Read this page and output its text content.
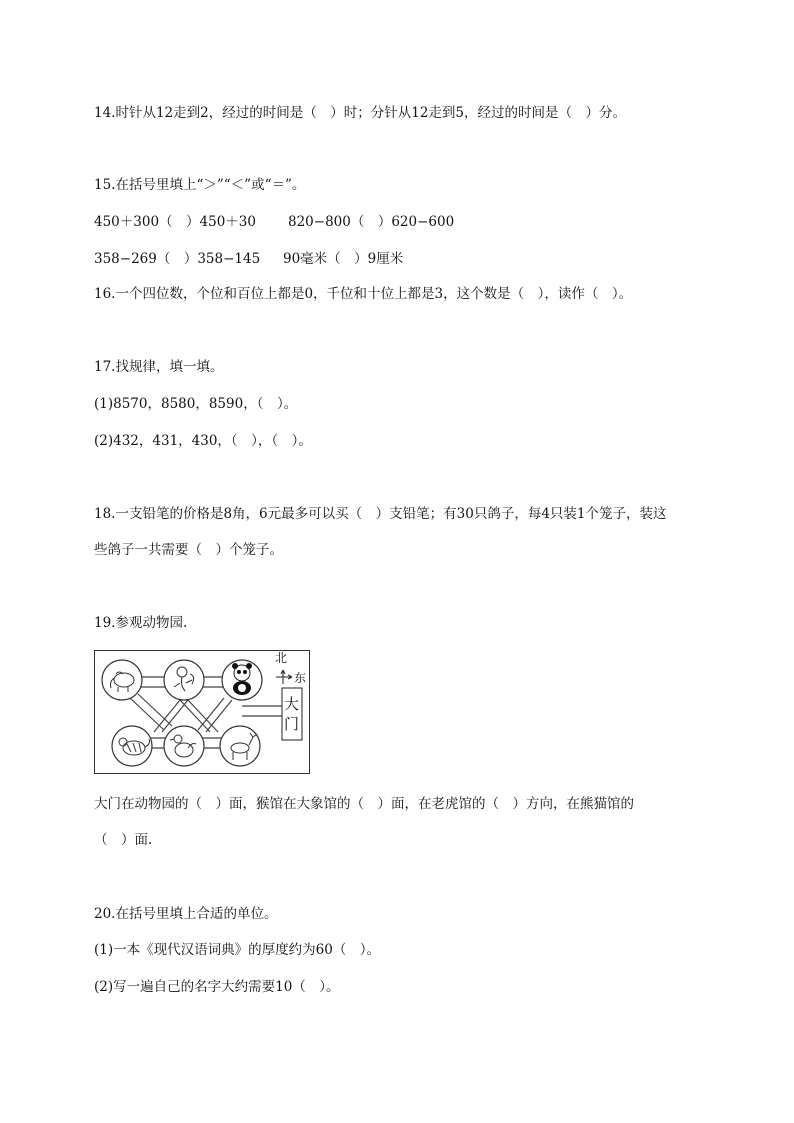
14.时针从12走到2，经过的时间是（　）时；分针从12走到5，经过的时间是（　）分。
15.在括号里填上“＞”“＜”或“＝”。
450＋300（　）450＋30 820−800（　）620−600
358−269（　）358−145 90毫米（　）9厘米
16.一个四位数，个位和百位上都是0，千位和十位上都是3，这个数是（　），读作（　）。
17.找规律，填一填。
(1)8570，8580，8590，（　）。
(2)432，431，430，（　），（　）。
18.一支铅笔的价格是8角，6元最多可以买（　）支铅笔；有30只鸽子，每4只装1个笼子，装这
些鸽子一共需要（　）个笼子。
19.参观动物园.
北
东
大门
大门在动物园的（　）面，猴馆在大象馆的（　）面，在老虎馆的（　）方向，在熊猫馆的
（　）面.
20.在括号里填上合适的单位。
(1)一本《现代汉语词典》的厚度约为60（　）。
(2)写一遍自己的名字大约需要10（　）。
